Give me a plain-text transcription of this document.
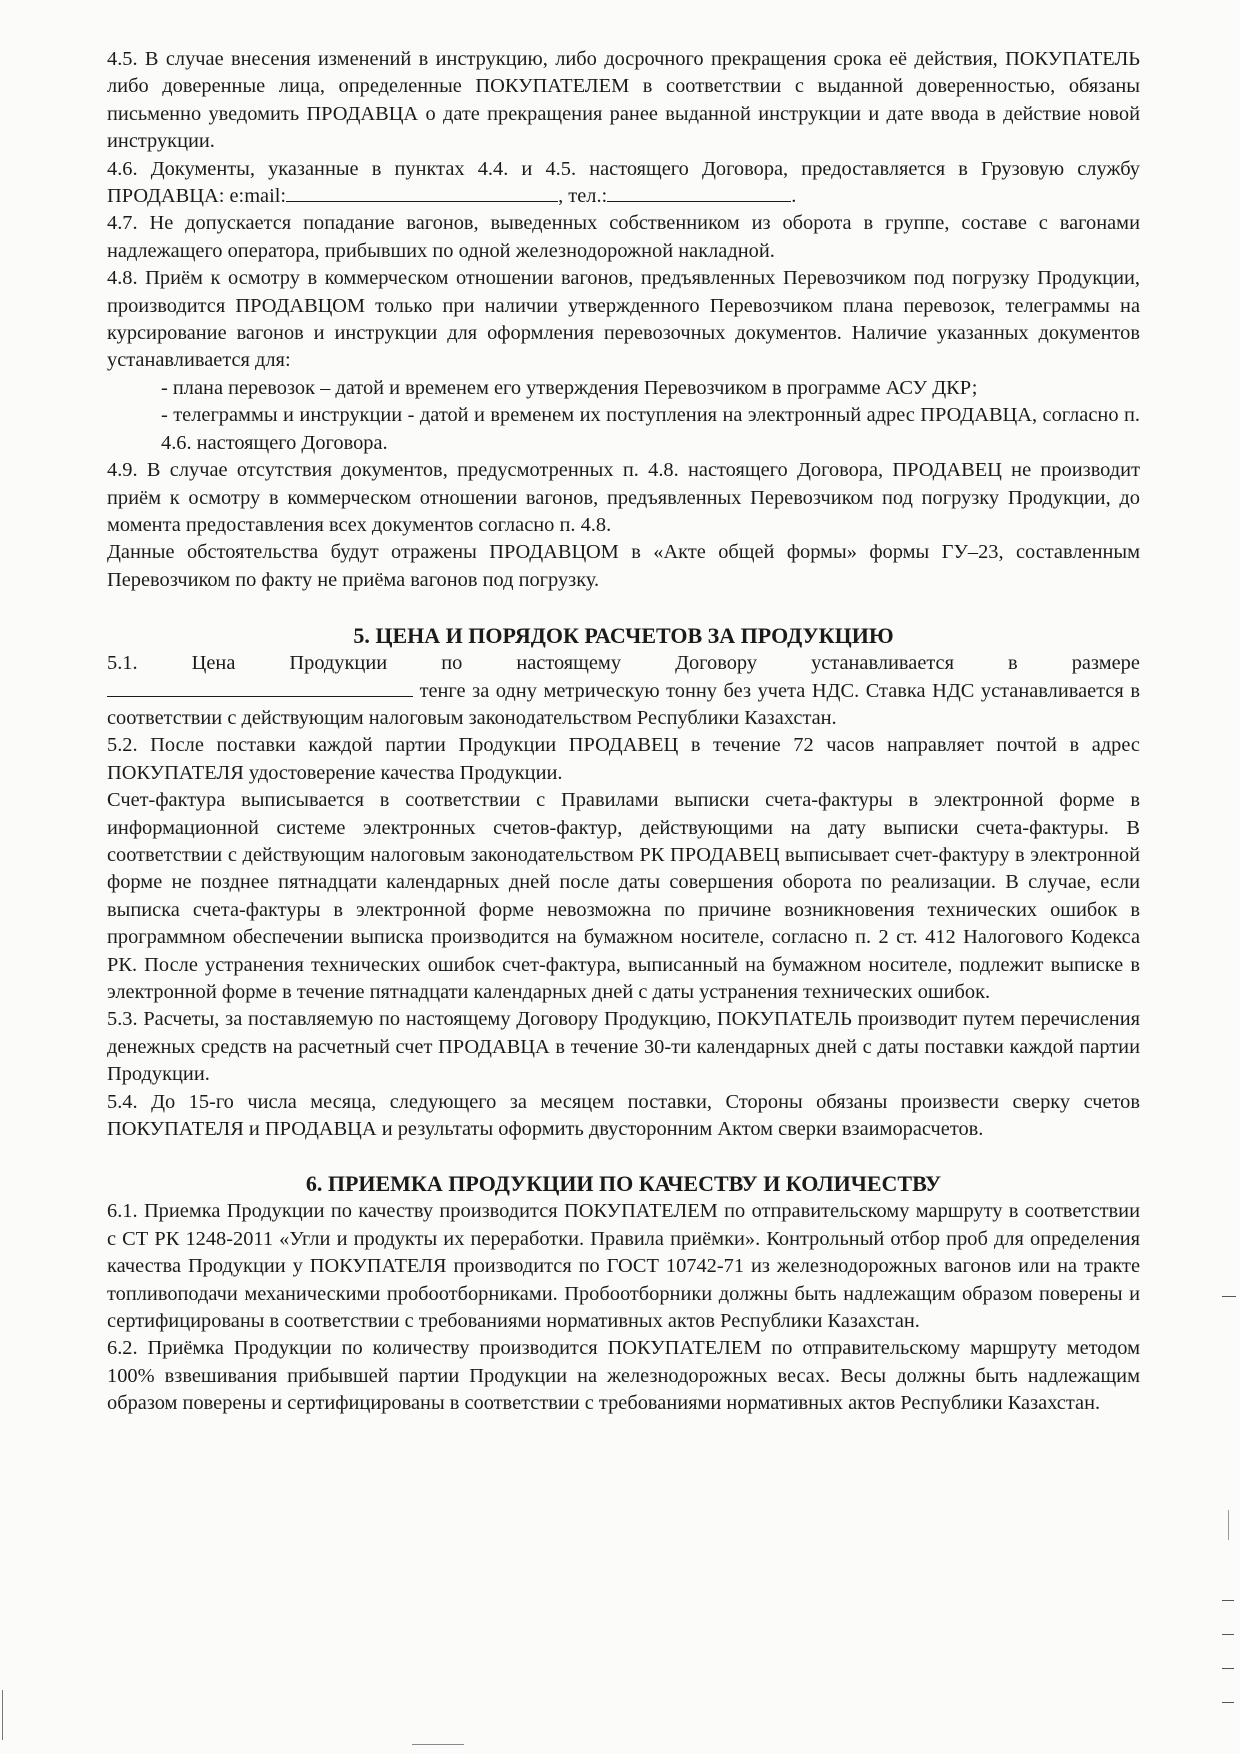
4.5. В случае внесения изменений в инструкцию, либо досрочного прекращения срока её действия, ПОКУПАТЕЛЬ либо доверенные лица, определенные ПОКУПАТЕЛЕМ в соответствии с выданной доверенностью, обязаны письменно уведомить ПРОДАВЦА о дате прекращения ранее выданной инструкции и дате ввода в действие новой инструкции.

4.6. Документы, указанные в пунктах 4.4. и 4.5. настоящего Договора, предоставляется в Грузовую службу ПРОДАВЦА: e:mail:	, тел.:	.

4.7. Не допускается попадание вагонов, выведенных собственником из оборота в группе, составе с вагонами надлежащего оператора, прибывших по одной железнодорожной накладной.

4.8. Приём к осмотру в коммерческом отношении вагонов, предъявленных Перевозчиком под погрузку Продукции, производится ПРОДАВЦОМ только при наличии утвержденного Перевозчиком плана перевозок, телеграммы на курсирование вагонов и инструкции для оформления перевозочных документов. Наличие указанных документов устанавливается для:

- плана перевозок – датой и временем его утверждения Перевозчиком в программе АСУ ДКР;

- телеграммы и инструкции - датой и временем их поступления на электронный адрес ПРОДАВЦА, согласно п. 4.6. настоящего Договора.

4.9. В случае отсутствия документов, предусмотренных п. 4.8. настоящего Договора, ПРОДАВЕЦ не производит приём к осмотру в коммерческом отношении вагонов, предъявленных Перевозчиком под погрузку Продукции, до момента предоставления всех документов согласно п. 4.8.

Данные обстоятельства будут отражены ПРОДАВЦОМ в «Акте общей формы» формы ГУ–23, составленным Перевозчиком по факту не приёма вагонов под погрузку.

5. ЦЕНА И ПОРЯДОК РАСЧЕТОВ ЗА ПРОДУКЦИЮ
5.1.	Цена	Продукции	по	настоящему	Договору	устанавливается	в	размере

тенге за одну метрическую тонну без учета НДС. Ставка НДС устанавливается в соответствии с действующим налоговым законодательством Республики Казахстан.

5.2. После поставки каждой партии Продукции ПРОДАВЕЦ в течение 72 часов направляет почтой в адрес ПОКУПАТЕЛЯ удостоверение качества Продукции.

Счет-фактура выписывается в соответствии с Правилами выписки счета-фактуры в электронной форме в информационной системе электронных счетов-фактур, действующими на дату выписки счета-фактуры. В соответствии с действующим налоговым законодательством РК ПРОДАВЕЦ выписывает счет-фактуру в электронной форме не позднее пятнадцати календарных дней после даты совершения оборота по реализации. В случае, если выписка счета-фактуры в электронной форме невозможна по причине возникновения технических ошибок в программном обеспечении выписка производится на бумажном носителе, согласно п. 2 ст. 412 Налогового Кодекса РК. После устранения технических ошибок счет-фактура, выписанный на бумажном носителе, подлежит выписке в электронной форме в течение пятнадцати календарных дней с даты устранения технических ошибок.

5.3. Расчеты, за поставляемую по настоящему Договору Продукцию, ПОКУПАТЕЛЬ производит путем перечисления денежных средств на расчетный счет ПРОДАВЦА в течение 30-ти календарных дней с даты поставки каждой партии Продукции.

5.4. До 15-го числа месяца, следующего за месяцем поставки, Стороны обязаны произвести сверку счетов ПОКУПАТЕЛЯ и ПРОДАВЦА и результаты оформить двусторонним Актом сверки взаиморасчетов.

6. ПРИЕМКА ПРОДУКЦИИ ПО КАЧЕСТВУ И КОЛИЧЕСТВУ

6.1. Приемка Продукции по качеству производится ПОКУПАТЕЛЕМ по отправительскому маршруту в соответствии с СТ РК 1248-2011 «Угли и продукты их переработки. Правила приёмки». Контрольный отбор проб для определения качества Продукции у ПОКУПАТЕЛЯ производится по ГОСТ 10742-71 из железнодорожных вагонов или на тракте топливоподачи механическими пробоотборниками. Пробоотборники должны быть надлежащим образом поверены и сертифицированы в соответствии с требованиями нормативных актов Республики Казахстан.

6.2. Приёмка Продукции по количеству производится ПОКУПАТЕЛЕМ по отправительскому маршруту методом 100% взвешивания прибывшей партии Продукции на железнодорожных весах. Весы должны быть надлежащим образом поверены и сертифицированы в соответствии с требованиями нормативных актов Республики Казахстан.
